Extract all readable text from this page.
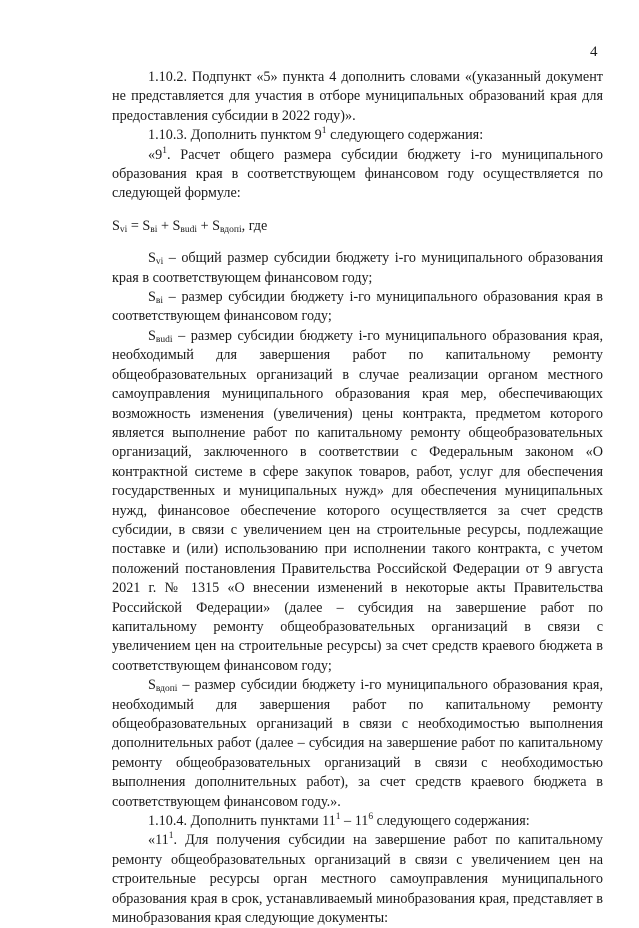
4

1.10.2. Подпункт «5» пункта 4 дополнить словами «(указанный документ не представляется для участия в отборе муниципальных образований края для предоставления субсидии в 2022 году)».

1.10.3. Дополнить пунктом $9^1$ следующего содержания:

«$9^1$. Расчет общего размера субсидии бюджету i-го муниципального образования края в соответствующем финансовом году осуществляется по следующей формуле:

$S_{vi} = S_{вi} + S_{вudi} + S_{вдопi}$, где

$S_{vi}$ – общий размер субсидии бюджету i-го муниципального образования края в соответствующем финансовом году;

$S_{вi}$ – размер субсидии бюджету i-го муниципального образования края в соответствующем финансовом году;

$S_{вudi}$ – размер субсидии бюджету i-го муниципального образования края, необходимый для завершения работ по капитальному ремонту общеобразовательных организаций в случае реализации органом местного самоуправления муниципального образования края мер, обеспечивающих возможность изменения (увеличения) цены контракта, предметом которого является выполнение работ по капитальному ремонту общеобразовательных организаций, заключенного в соответствии с Федеральным законом «О контрактной системе в сфере закупок товаров, работ, услуг для обеспечения государственных и муниципальных нужд» для обеспечения муниципальных нужд, финансовое обеспечение которого осуществляется за счет средств субсидии, в связи с увеличением цен на строительные ресурсы, подлежащие поставке и (или) использованию при исполнении такого контракта, с учетом положений постановления Правительства Российской Федерации от 9 августа 2021 г. № 1315 «О внесении изменений в некоторые акты Правительства Российской Федерации» (далее – субсидия на завершение работ по капитальному ремонту общеобразовательных организаций в связи с увеличением цен на строительные ресурсы) за счет средств краевого бюджета в соответствующем финансовом году;

$S_{вдопi}$ – размер субсидии бюджету i-го муниципального образования края, необходимый для завершения работ по капитальному ремонту общеобразовательных организаций в связи с необходимостью выполнения дополнительных работ (далее – субсидия на завершение работ по капитальному ремонту общеобразовательных организаций в связи с необходимостью выполнения дополнительных работ), за счет средств краевого бюджета в соответствующем финансовом году.».

1.10.4. Дополнить пунктами $11^1 - 11^6$ следующего содержания:

«$11^1$. Для получения субсидии на завершение работ по капитальному ремонту общеобразовательных организаций в связи с увеличением цен на строительные ресурсы орган местного самоуправления муниципального образования края в срок, устанавливаемый минобразования края, представляет в минобразования края следующие документы:
